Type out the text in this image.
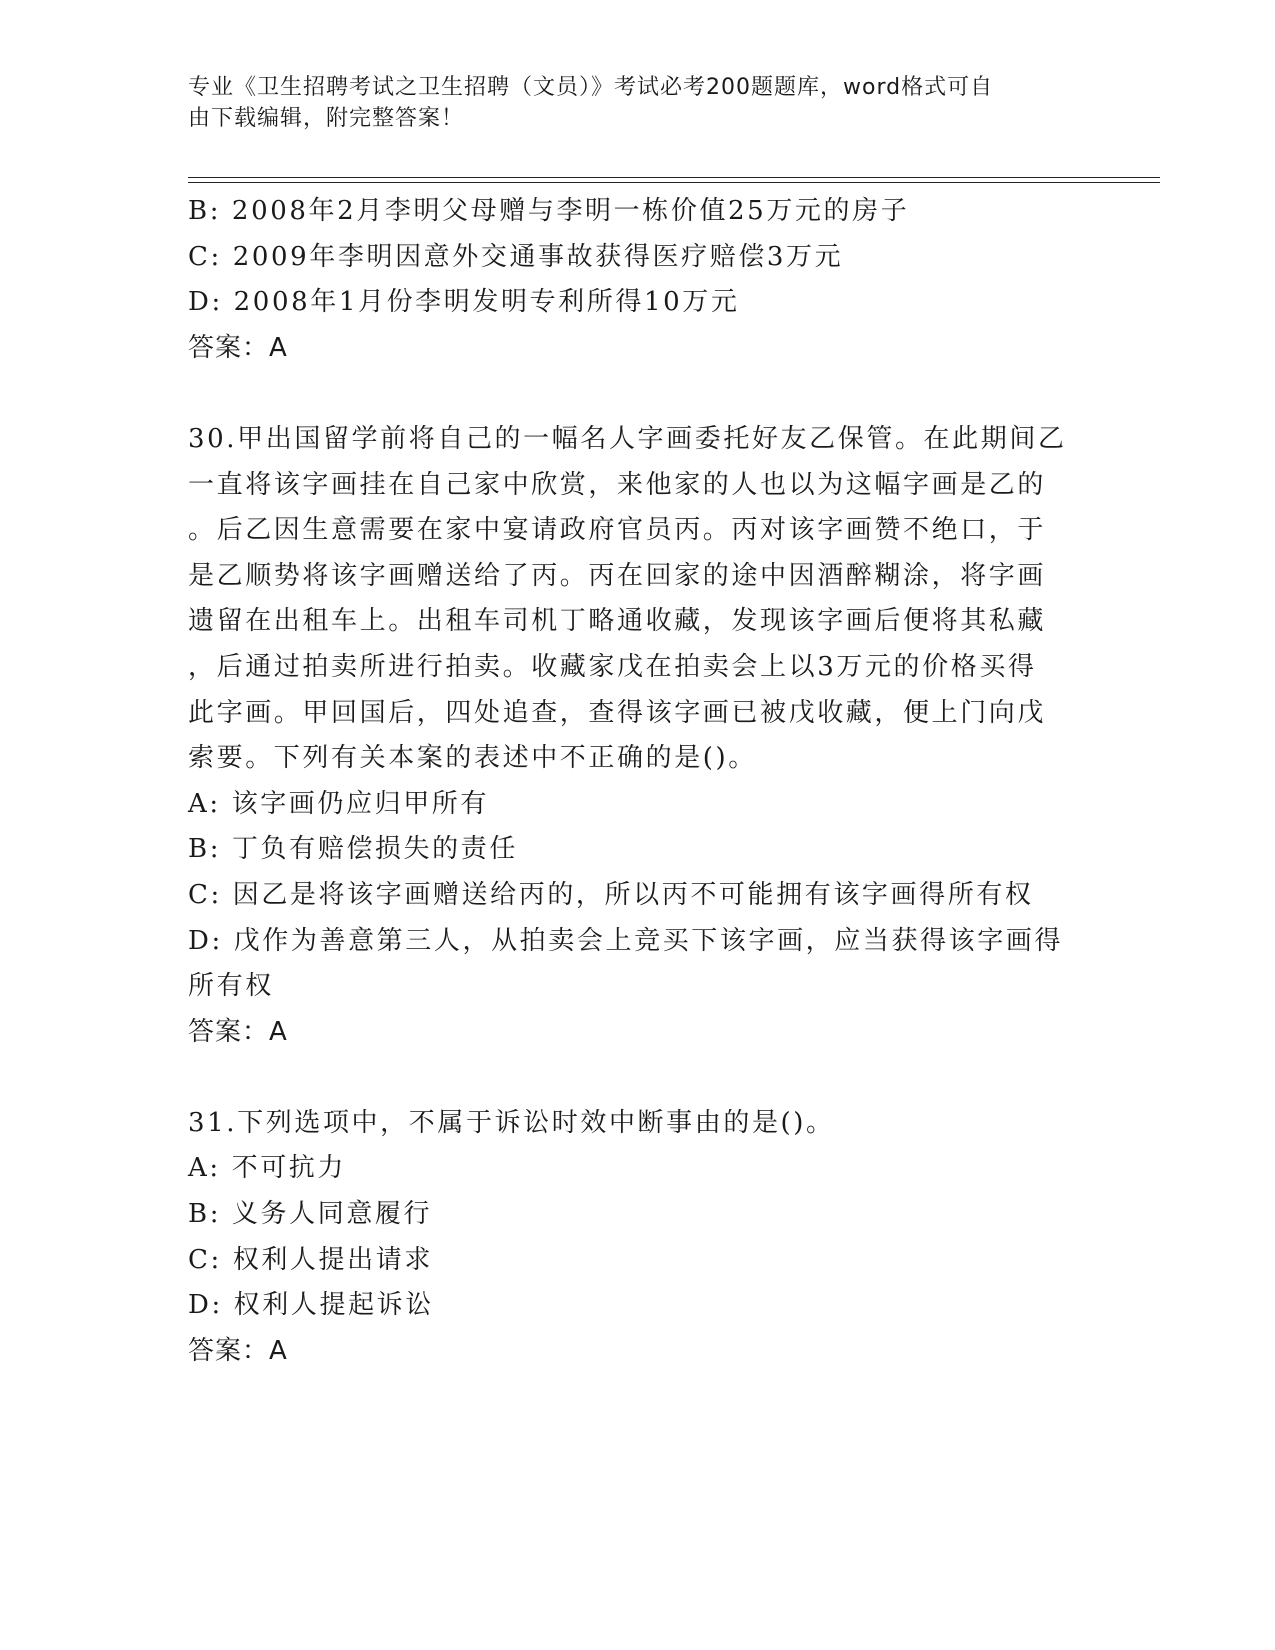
专业《卫生招聘考试之卫生招聘（文员）》考试必考200题题库，word格式可自
由下载编辑，附完整答案！

B: 2008年2月李明父母赠与李明一栋价值25万元的房子

C: 2009年李明因意外交通事故获得医疗赔偿3万元

D: 2008年1月份李明发明专利所得10万元

答案：A

30.甲出国留学前将自己的一幅名人字画委托好友乙保管。在此期间乙

一直将该字画挂在自己家中欣赏，来他家的人也以为这幅字画是乙的

。后乙因生意需要在家中宴请政府官员丙。丙对该字画赞不绝口，于

是乙顺势将该字画赠送给了丙。丙在回家的途中因酒醉糊涂，将字画

遗留在出租车上。出租车司机丁略通收藏，发现该字画后便将其私藏

，后通过拍卖所进行拍卖。收藏家戊在拍卖会上以3万元的价格买得

此字画。甲回国后，四处追查，查得该字画已被戊收藏，便上门向戊

索要。下列有关本案的表述中不正确的是()。

A: 该字画仍应归甲所有

B: 丁负有赔偿损失的责任

C: 因乙是将该字画赠送给丙的，所以丙不可能拥有该字画得所有权

D: 戊作为善意第三人，从拍卖会上竞买下该字画，应当获得该字画得

所有权

答案：A

31.下列选项中，不属于诉讼时效中断事由的是()。

A: 不可抗力

B: 义务人同意履行

C: 权利人提出请求

D: 权利人提起诉讼

答案：A
